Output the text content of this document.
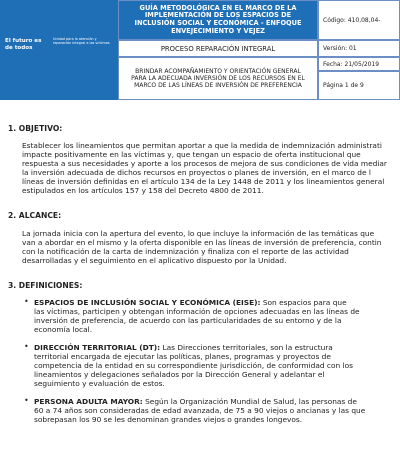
El futuro es de todos
Unidad para la atención y reparación integral a las víctimas
GUÍA METODOLÓGICA EN EL MARCO DE LA IMPLEMENTACIÓN DE LOS ESPACIOS DE INCLUSIÓN SOCIAL Y ECONÓMICA - ENFOQUE ENVEJECIMIENTO Y VEJEZ
PROCESO REPARACIÓN INTEGRAL
BRINDAR ACOMPAÑAMIENTO Y ORIENTACIÓN GENERAL PARA LA ADECUADA INVERSIÓN DE LOS RECURSOS EN EL MARCO DE LAS LÍNEAS DE INVERSIÓN DE PREFERENCIA
Código: 410,08,04-
Versión: 01
Fecha: 21/05/2019
Página 1 de 9
1. OBJETIVO:
Establecer los lineamientos que permitan aportar a que la medida de indemnización administrati
impacte positivamente en las víctimas y, que tengan un espacio de oferta institucional que
respuesta a sus necesidades y aporte a los procesos de mejora de sus condiciones de vida mediar
la inversión adecuada de dichos recursos en proyectos o planes de inversión, en el marco de l
líneas de inversión definidas en el artículo 134 de la Ley 1448 de 2011 y los lineamientos general
estipulados en los artículos 157 y 158 del Decreto 4800 de 2011.
2. ALCANCE:
La jornada inicia con la apertura del evento, lo que incluye la información de las temáticas que
van a abordar en el mismo y la oferta disponible en las líneas de inversión de preferencia, contin
con la notificación de la carta de indemnización y finaliza con el reporte de las actividad
desarrolladas y el seguimiento en el aplicativo dispuesto por la Unidad.
3. DEFINICIONES:
• ESPACIOS DE INCLUSIÓN SOCIAL Y ECONÓMICA (EISE): Son espacios para que
las víctimas, participen y obtengan información de opciones adecuadas en las líneas de
inversión de preferencia, de acuerdo con las particularidades de su entorno y de la
economía local.
• DIRECCIÓN TERRITORIAL (DT): Las Direcciones territoriales, son la estructura
territorial encargada de ejecutar las políticas, planes, programas y proyectos de
competencia de la entidad en su correspondiente jurisdicción, de conformidad con los
lineamientos y delegaciones señalados por la Dirección General y adelantar el
seguimiento y evaluación de estos.
• PERSONA ADULTA MAYOR: Según la Organización Mundial de Salud, las personas de
60 a 74 años son consideradas de edad avanzada, de 75 a 90 viejos o ancianas y las que
sobrepasan los 90 se les denominan grandes viejos o grandes longevos.
